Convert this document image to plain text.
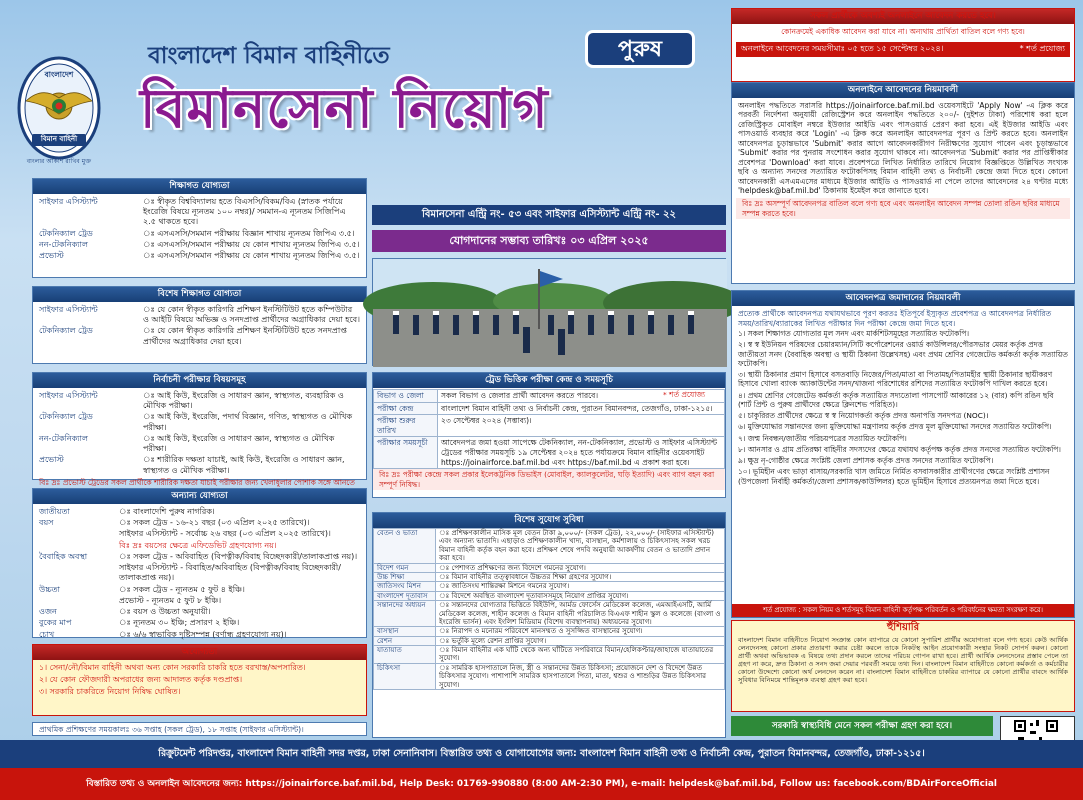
বাংলাদেশ
বিমান বাহিনী
বাংলার আকাশ রাখিব মুক্ত
বাংলাদেশ বিমান বাহিনীতে	পুরুষ
বিমানসেনা নিয়োগ
শিক্ষাগত যোগ্যতা
সাইফার এসিস্ট্যান্ট	ঃ স্বীকৃত বিশ্ববিদ্যালয় হতে বিএসসি/বিকম/বিএ (স্নাতক পর্যায়ে ইংরেজি বিষয়ে ন্যূনতম ১০০ নম্বর)/ সমমান-এ ন্যূনতম সিজিপিএ ২.৫ থাকতে হবে।
টেকনিক্যাল ট্রেড	ঃ এসএসসি/সমমান পরীক্ষায় বিজ্ঞান শাখায় ন্যূনতম জিপিএ ৩.৫।
নন-টেকনিক্যাল	ঃ এসএসসি/সমমান পরীক্ষায় যে কোন শাখায় ন্যূনতম জিপিএ ৩.৫।
প্রভোস্ট	ঃ এসএসসি/সমমান পরীক্ষায় যে কোন শাখায় ন্যূনতম জিপিএ ৩.৫।
বিশেষ শিক্ষাগত যোগ্যতা
সাইফার এসিস্ট্যান্ট	ঃ যে কোন স্বীকৃত কারিগরি প্রশিক্ষণ ইনস্টিটিউট হতে কম্পিউটার ও আইটি বিষয়ে অভিজ্ঞ ও সনদপ্রাপ্ত প্রার্থীদের অগ্রাধিকার দেয়া হবে।
টেকনিক্যাল ট্রেড	ঃ যে কোন স্বীকৃত কারিগরি প্রশিক্ষণ ইনস্টিটিউট হতে সনদপ্রাপ্ত প্রার্থীদের অগ্রাধিকার দেয়া হবে।
নির্বাচনী পরীক্ষার বিষয়সমূহ
সাইফার এসিস্ট্যান্ট	ঃ আই কিউ, ইংরেজি ও সাধারণ জ্ঞান, স্বাস্থ্যগত, ব্যবহারিক ও মৌখিক পরীক্ষা।
টেকনিক্যাল ট্রেড	ঃ আই কিউ, ইংরেজি, পদার্থ বিজ্ঞান, গণিত, স্বাস্থ্যগত ও মৌখিক পরীক্ষা।
নন-টেকনিক্যাল	ঃ আই কিউ, ইংরেজি ও সাধারণ জ্ঞান, স্বাস্থ্যগত ও মৌখিক পরীক্ষা।
প্রভোস্ট	ঃ শারীরিক দক্ষতা যাচাই, আই কিউ, ইংরেজি ও সাধারণ জ্ঞান, স্বাস্থ্যগত ও মৌখিক পরীক্ষা।
বিঃ দ্রঃ প্রভোস্ট ট্রেডের সকল প্রার্থীকে শারীরিক দক্ষতা যাচাই পরীক্ষার জন্য খেলাধুলার পোশাক সঙ্গে আনতে
অন্যান্য যোগ্যতা
জাতীয়তা	ঃ বাংলাদেশি পুরুষ নাগরিক।
বয়স	ঃ সকল ট্রেড - ১৬-২১ বছর (০৩ এপ্রিল ২০২৫ তারিখে)।
সাইফার এসিস্ট্যান্ট - সর্বোচ্চ ২৬ বছর (০৩ এপ্রিল ২০২৫ তারিখে)।
বিঃ দ্রঃ বয়সের ক্ষেত্রে এফিডেভিট গ্রহণযোগ্য নয়।
বৈবাহিক অবস্থা	ঃ সকল ট্রেড - অবিবাহিত (বিপত্নীক/বিবাহ বিচ্ছেদকারী/তালাকপ্রাপ্ত নয়)।
সাইফার এসিস্ট্যান্ট - বিবাহিত/অবিবাহিত (বিপত্নীক/বিবাহ বিচ্ছেদকারী/তালাকপ্রাপ্ত নয়)।
উচ্চতা	ঃ সকল ট্রেড - ন্যূনতম ৫ ফুট ৪ ইঞ্চি।
প্রভোস্ট - ন্যূনতম ৫ ফুট ৮ ইঞ্চি।
ওজন	ঃ বয়স ও উচ্চতা অনুযায়ী।
বুকের মাপ	ঃ ন্যূনতম ৩০ ইঞ্চি; প্রসারণ ২ ইঞ্চি।
চোখ	ঃ ৬/৬ স্বাভাবিক দৃষ্টিসম্পন্ন (বর্ণান্ধ গ্রহণযোগ্য নয়)।
অযোগ্যতা
১। সেনা/নৌ/বিমান বাহিনী অথবা অন্য কোন সরকারি চাকরি হতে বরখাস্ত/অপসারিত।
২। যে কোন ফৌজদারী অপরাধের জন্য আদালত কর্তৃক দণ্ডপ্রাপ্ত।
৩। সরকারি চাকরিতে নিয়োগ নিষিদ্ধ ঘোষিত।
প্রাথমিক প্রশিক্ষণের সময়কালঃ ৩৬ সপ্তাহ (সকল ট্রেড), ১৮ সপ্তাহ (সাইফার এসিস্ট্যান্ট)।
বিমানসেনা এন্ট্রি নং- ৫৩ এবং সাইফার এসিস্ট্যান্ট এন্ট্রি নং- ২২
যোগদানের সম্ভাব্য তারিখঃ ০৩ এপ্রিল ২০২৫
ট্রেড ভিত্তিক পরীক্ষা কেন্দ্র ও সময়সূচি
* শর্ত প্রযোজ্য
বিভাগ ও জেলা	সকল বিভাগ ও জেলার প্রার্থী আবেদন করতে পারবে।
পরীক্ষা কেন্দ্র	বাংলাদেশ বিমান বাহিনী তথ্য ও নির্বাচনী কেন্দ্র, পুরাতন বিমানবন্দর, তেজগাঁও, ঢাকা-১২১৫।
পরীক্ষা শুরুর তারিখ	২৩ সেপ্টেম্বর ২০২৪ (সম্ভাব্য)।
পরীক্ষার সময়সূচী	আবেদনপত্র জমা হওয়া সাপেক্ষে টেকনিক্যাল, নন-টেকনিক্যাল, প্রভোস্ট ও সাইফার এসিস্ট্যান্ট ট্রেডের পরীক্ষার সময়সূচি ১৯ সেপ্টেম্বর ২০২৪ হতে পর্যায়ক্রমে বিমান বাহিনীর ওয়েবসাইট https://joinairforce.baf.mil.bd এবং https://baf.mil.bd এ প্রকাশ করা হবে।
বিঃ দ্রঃ পরীক্ষা কেন্দ্রে সকল প্রকার ইলেকট্রনিক ডিভাইস (মোবাইল, ক্যালকুলেটর, ঘড়ি ইত্যাদি) এবং ব্যাগ বহন করা সম্পূর্ণ নিষিদ্ধ।
বিশেষ সুযোগ সুবিধা
বেতন ও ভাতা	ঃ প্রশিক্ষণকালীন মাসিক মূল বেতন টাকা ৯,০০০/- (সকল ট্রেড), ২২,০০০/- (সাইফার এসিস্ট্যান্ট) এবং অন্যান্য ভাতাদি। এছাড়াও প্রশিক্ষণকালীন খাদ্য, বাসস্থান, কর্মশালায় ও চিকিৎসাসহ সকল খরচ বিমান বাহিনী কর্তৃক বহন করা হবে। প্রশিক্ষণ শেষে পদবি অনুযায়ী আকর্ষণীয় বেতন ও ভাতাদি প্রদান করা হবে।
বিদেশ গমন	ঃ পেশাগত প্রশিক্ষণের জন্য বিদেশে গমনের সুযোগ।
উচ্চ শিক্ষা	ঃ বিমান বাহিনীর তত্ত্বাবধানে উচ্চতর শিক্ষা গ্রহণের সুযোগ।
জাতিসংঘ মিশন	ঃ জাতিসংঘ শান্তিরক্ষা মিশনে গমনের সুযোগ।
বাংলাদেশ দূতাবাস	ঃ বিদেশে অবস্থিত বাংলাদেশ দূতাবাসসমূহে নিয়োগ প্রাপ্তির সুযোগ।
সন্তানদের অধ্যয়ন	ঃ সন্তানদের যোগ্যতার ভিত্তিতে বিইউপি, আর্মড ফোর্সেস মেডিকেল কলেজ, এমআইএসটি, আর্মি মেডিকেল কলেজ, শাহীন কলেজ ও বিমান বাহিনী পরিচালিত বিএএফ শাহীন স্কুল ও কলেজে (বাংলা ও ইংরেজি ভার্সন) এবং ইংলিশ মিডিয়াম (বিশেষ ব্যবস্থাপনায়) অধ্যয়নের সুযোগ।
বাসস্থান	ঃ নিরাপদ ও মনোরম পরিবেশে মানসম্মত ও সুসজ্জিত বাসস্থানের সুযোগ।
রেশন	ঃ ভর্তুকি মূল্যে রেশন প্রাপ্তির সুযোগ।
যাতায়াত	ঃ বিমান বাহিনীর এক ঘাঁটি থেকে অন্য ঘাঁটিতে সপরিবারে বিমান/হেলিকপ্টার/জাহাজে যাতায়াতের সুযোগ।
চিকিৎসা	ঃ সামরিক হাসপাতালে নিজ, স্ত্রী ও সন্তানদের উন্নত চিকিৎসা; প্রয়োজনে দেশ ও বিদেশে উন্নত চিকিৎসার সুযোগ। পাশাপাশি সামরিক হাসপাতালে পিতা, মাতা, শ্বশুর ও শাশুড়ির উন্নত চিকিৎসার সুযোগ।
সকল প্রার্থীকে অবশ্যই অনলাইনে আবেদন করতে হবে।
কোনক্রমেই একাধিক আবেদন করা যাবে না। অন্যথায় প্রার্থিতা বাতিল বলে গণ্য হবে।
অনলাইনে আবেদনের সময়সীমাঃ ০৫ হতে ১৫ সেপ্টেম্বর ২০২৪।	* শর্ত প্রযোজ্য
অনলাইনে আবেদনের নিয়মাবলী
অনলাইন পদ্ধতিতে সরাসরি https://joinairforce.baf.mil.bd ওয়েবসাইটে 'Apply Now' -এ ক্লিক করে পরবর্তী নির্দেশনা অনুযায়ী রেজিস্ট্রেশন করে অনলাইন পদ্ধতিতে ২০০/- (দুইশত টাকা) পরিশোধ করা হলে রেজিস্ট্রিকৃত মোবাইল নম্বরে ইউজার আইডি এবং পাসওয়ার্ড প্রেরণ করা হবে। এই ইউজার আইডি এবং পাসওয়ার্ড ব্যবহার করে 'Login' -এ ক্লিক করে অনলাইন আবেদনপত্র পূরণ ও প্রিন্ট করতে হবে। অনলাইন আবেদনপত্র চূড়ান্তভাবে 'Submit' করার আগে আবেদনকারীগণ নিরীক্ষণের সুযোগ পাবেন এবং চূড়ান্তভাবে 'Submit' করার পর পুনরায় সংশোধন করার সুযোগ থাকবে না। আবেদনপত্র 'Submit' করার পর প্রাপ্তিস্বীকার প্রবেশপত্র 'Download' করা যাবে। প্রবেশপত্রে লিখিত নির্ধারিত তারিখে নিয়োগ বিজ্ঞপ্তিতে উল্লিখিত সংখ্যক ছবি ও অন্যান্য সনদের সত্যায়িত ফটোকপিসহ বিমান বাহিনী তথ্য ও নির্বাচনী কেন্দ্রে জমা দিতে হবে। কোনো আবেদনকারী এসএমএসের মাধ্যমে ইউজার আইডি ও পাসওয়ার্ড না পেলে তাদের আবেদনের ২৪ ঘণ্টার মধ্যে 'helpdesk@baf.mil.bd' ঠিকানায় ইমেইল করে জানাতে হবে।
বিঃ দ্রঃ অসম্পূর্ণ আবেদনপত্র বাতিল বলে গণ্য হবে এবং অনলাইন আবেদন সম্পন্ন তোলা রঙিন ছবির মাধ্যমে সম্পন্ন করতে হবে।
আবেদনপত্র জমাদানের নিয়মাবলী
প্রত্যেক প্রার্থীকে আবেদনপত্র যথাযথভাবে পূরণ করতঃ ইতিপূর্বে ইস্যুকৃত প্রবেশপত্র ও আবেদনপত্র নির্ধারিত সময়/তারিখ/ব্যারাকের লিখিত পরীক্ষার দিন পরীক্ষা কেন্দ্রে জমা দিতে হবে।
১। সকল শিক্ষাগত যোগ্যতার মূল সনদ এবং মার্কশিটসমূহের সত্যায়িত ফটোকপি।
২। স্ব স্ব ইউনিয়ন পরিষদের চেয়ারম্যান/সিটি কর্পোরেশনের ওয়ার্ড কাউন্সিলর/পৌরসভার মেয়র কর্তৃক প্রদত্ত জাতীয়তা সনদ (বৈবাহিক অবস্থা ও স্থায়ী ঠিকানা উল্লেখসহ) এবং প্রথম শ্রেণির গেজেটেড কর্মকর্তা কর্তৃক সত্যায়িত ফটোকপি।
৩। স্থায়ী ঠিকানার প্রমাণ হিসাবে বসতবাড়ি নিজের/পিতা/মাতা বা পিতামহ/পিতামহীর স্থায়ী ঠিকানার ছায়ীকরণ হিসাবে খোলা ব্যাংক অ্যাকাউন্টের সনদ/খাজনা পরিশোধের রশিদের সত্যায়িত ফটোকপি দাখিল করতে হবে।
৪। প্রথম শ্রেণির গেজেটেড কর্মকর্তা কর্তৃক সত্যায়িত সদ্যতোলা পাসপোর্ট আকারের ১২ (বার) কপি রঙিন ছবি (শার্ট প্রিন্ট ও পুরুষ প্রার্থীদের ক্ষেত্রে ক্লিনশেভ পরিহিত)।
৫। চাকুরিরত প্রার্থীদের ক্ষেত্রে স্ব স্ব নিয়োগকর্তা কর্তৃক প্রদত্ত অনাপত্তি সনদপত্র (NOC)।
৬। মুক্তিযোদ্ধার সন্তানদের জন্য মুক্তিযোদ্ধা মন্ত্রণালয় কর্তৃক প্রদত্ত মূল মুক্তিযোদ্ধা সনদের সত্যায়িত ফটোকপি।
৭। জন্ম নিবন্ধন/জাতীয় পরিচয়পত্রের সত্যায়িত ফটোকপি।
৮। আনসার ও গ্রাম প্রতিরক্ষা বাহিনীর সদস্যদের ক্ষেত্রে যথাযথ কর্তৃপক্ষ কর্তৃক প্রদত্ত সনদের সত্যায়িত ফটোকপি।
৯। ক্ষুদ্র নৃ-গোষ্ঠীর ক্ষেত্রে সংশ্লিষ্ট জেলা প্রশাসক কর্তৃক প্রদত্ত সনদের সত্যায়িত ফটোকপি।
১০। ভূমিহীন এবং ভাড়া বাসায়/সরকারি খাস জমিতে নির্মিত বসবাসকারীর প্রার্থীগণের ক্ষেত্রে সংশ্লিষ্ট প্রশাসন (উপজেলা নির্বাহী কর্মকর্তা/জেলা প্রশাসক/কাউন্সিলর) হতে ভূমিহীন হিসাবে প্রত্যয়নপত্র জমা দিতে হবে।
শর্ত প্রযোজ্য : সকল নিয়ম ও শর্তসমূহ বিমান বাহিনী কর্তৃপক্ষ পরিবর্তন ও পরিবর্ধনের ক্ষমতা সংরক্ষণ করে।
হুঁশিয়ারি
বাংলাদেশ বিমান বাহিনীতে নিয়োগ সংক্রান্ত কোন ব্যাপারে যে কোনো সুপারিশ প্রার্থীর অযোগ্যতা বলে গণ্য হবে। কেউ আর্থিক লেনদেনসহ কোনো প্রকার প্রতারণা করার চেষ্টা করলে তাকে নিকটস্থ আইন প্রয়োগকারী সংস্থার নিকট সোপর্দ করুন। কোনো প্রার্থী অথবা অভিভাবক এ বিষয়ে তথ্য প্রদান করলে তাদের পরিচয় গোপন রাখা হবে। প্রার্থী আর্থিক লেনদেনের প্রস্তাব পেলে তা গ্রহণ না করে, দ্রুত ঠিকানা ও সনদ জমা দেয়ার পরবর্তী সময়ে তথ্য দিন। বাংলাদেশ বিমান বাহিনীতে কোনো কর্মকর্তা ও কর্মচারীর কোনো উদ্দেশ্যে কোনো অর্থ লেনদেন করেন না। বাংলাদেশ বিমান বাহিনীতে চাকরির ব্যাপারে যে কোনো প্রার্থীর বাবদে আর্থিক সুবিধার বিনিময়ে শান্তিমূলক ব্যবস্থা গ্রহণ করা হবে।
সরকারি স্বাস্থ্যবিধি মেনে সকল পরীক্ষা গ্রহণ করা হবে।
রিক্রুটমেন্ট পরিদপ্তর, বাংলাদেশ বিমান বাহিনী সদর দপ্তর, ঢাকা সেনানিবাস। বিস্তারিত তথ্য ও যোগাযোগের জন্য: বাংলাদেশ বিমান বাহিনী তথ্য ও নির্বাচনী কেন্দ্র, পুরাতন বিমানবন্দর, তেজগাঁও, ঢাকা-১২১৫।
বিস্তারিত তথ্য ও অনলাইন আবেদনের জন্য: https://joinairforce.baf.mil.bd, Help Desk: 01769-990880 (8:00 AM-2:30 PM), e-mail: helpdesk@baf.mil.bd, Follow us: facebook.com/BDAirForceOfficial
